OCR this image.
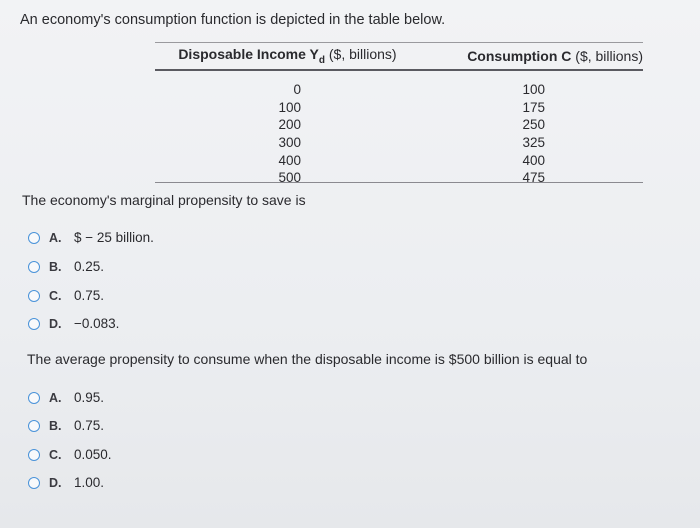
An economy's consumption function is depicted in the table below.
Disposable Income $Y_d$ ($, billions)	Consumption C ($, billions)
0	100
100	175
200	250
300	325
400	400
500	475
The economy's marginal propensity to save is
A. $ − 25 billion.
B. 0.25.
C. 0.75.
D. −0.083.
The average propensity to consume when the disposable income is $500 billion is equal to
A. 0.95.
B. 0.75.
C. 0.050.
D. 1.00.
